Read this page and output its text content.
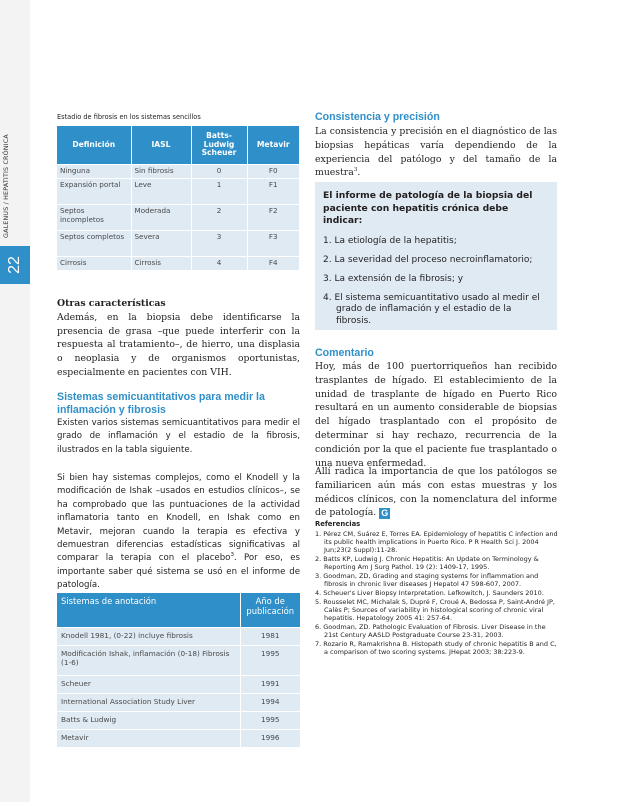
22
Estadio de fibrosis en los sistemas sencillos
Definición	IASL	Batts-Ludwig Scheuer	Metavir
Ninguna	Sin fibrosis	0	F0
Expansión portal	Leve	1	F1
Septos incompletos	Moderada	2	F2
Septos completos	Severa	3	F3
Cirrosis	Cirrosis	4	F4
Otras características
Además, en la biopsia debe identificarse la presencia de grasa –que puede interferir con la respuesta al tratamiento–, de hierro, una displasia o neoplasia y de organismos oportunistas, especialmente en pacientes con VIH.
Sistemas semicuantitativos para medir la inflamación y fibrosis
Existen varios sistemas semicuantitativos para medir el grado de inflamación y el estadio de la fibrosis, ilustrados en la tabla siguiente.
Si bien hay sistemas complejos, como el Knodell y la modificación de Ishak –usados en estudios clínicos–, se ha comprobado que las puntuaciones de la actividad inflamatoria tanto en Knodell, en Ishak como en Metavir, mejoran cuando la terapia es efectiva y demuestran diferencias estadísticas significativas al comparar la terapia con el placebo$^3$. Por eso, es importante saber qué sistema se usó en el informe de patología.
Sistemas de anotación	Año de publicación
Knodell 1981, (0-22) incluye fibrosis	1981
Modificación Ishak, inflamación (0-18) Fibrosis (1-6)	1995
Scheuer	1991
International Association Study Liver	1994
Batts & Ludwig	1995
Metavir	1996
Consistencia y precisión
La consistencia y precisión en el diagnóstico de las biopsias hepáticas varía dependiendo de la experiencia del patólogo y del tamaño de la muestra$^3$.
El informe de patología de la biopsia del paciente con hepatitis crónica debe indicar:
1. La etiología de la hepatitis;
2. La severidad del proceso necroinflamatorio;
3. La extensión de la fibrosis; y
4. El sistema semicuantitativo usado al medir el grado de inflamación y el estadio de la fibrosis.
Comentario
Hoy, más de 100 puertorriqueños han recibido trasplantes de hígado. El establecimiento de la unidad de trasplante de hígado en Puerto Rico resultará en un aumento considerable de biopsias del hígado trasplantado con el propósito de determinar si hay rechazo, recurrencia de la condición por la que el paciente fue trasplantado o una nueva enfermedad.
Allí radica la importancia de que los patólogos se familiaricen aún más con estas muestras y los médicos clínicos, con la nomenclatura del informe de patología. G
Referencias
1. Pérez CM, Suárez E, Torres EA. Epidemiology of hepatitis C infection and its public health implications in Puerto Rico. P R Health Sci J. 2004 Jun;23(2 Suppl):11-28.
2. Batts KP, Ludwig J. Chronic Hepatitis: An Update on Terminology & Reporting Am J Surg Pathol. 19 (2): 1409-17, 1995.
3. Goodman, ZD, Grading and staging systems for inflammation and fibrosis in chronic liver diseases J Hepatol 47 598-607, 2007.
4. Scheuer's Liver Biopsy Interpretation. Lefkowitch, J. Saunders 2010.
5. Rousselet MC, Michalak S, Dupré F, Croué A, Bedossa P, Saint-André JP, Calès P; Sources of variability in histological scoring of chronic viral hepatitis. Hepatology 2005 41: 257-64.
6. Goodman, ZD. Pathologic Evaluation of Fibrosis. Liver Disease in the 21st Century AASLD Postgraduate Course 23-31, 2003.
7. Rozario R, Ramakrishna B. Histopath study of chronic hepatitis B and C, a comparison of two scoring systems. JHepat 2003; 38:223-9.
